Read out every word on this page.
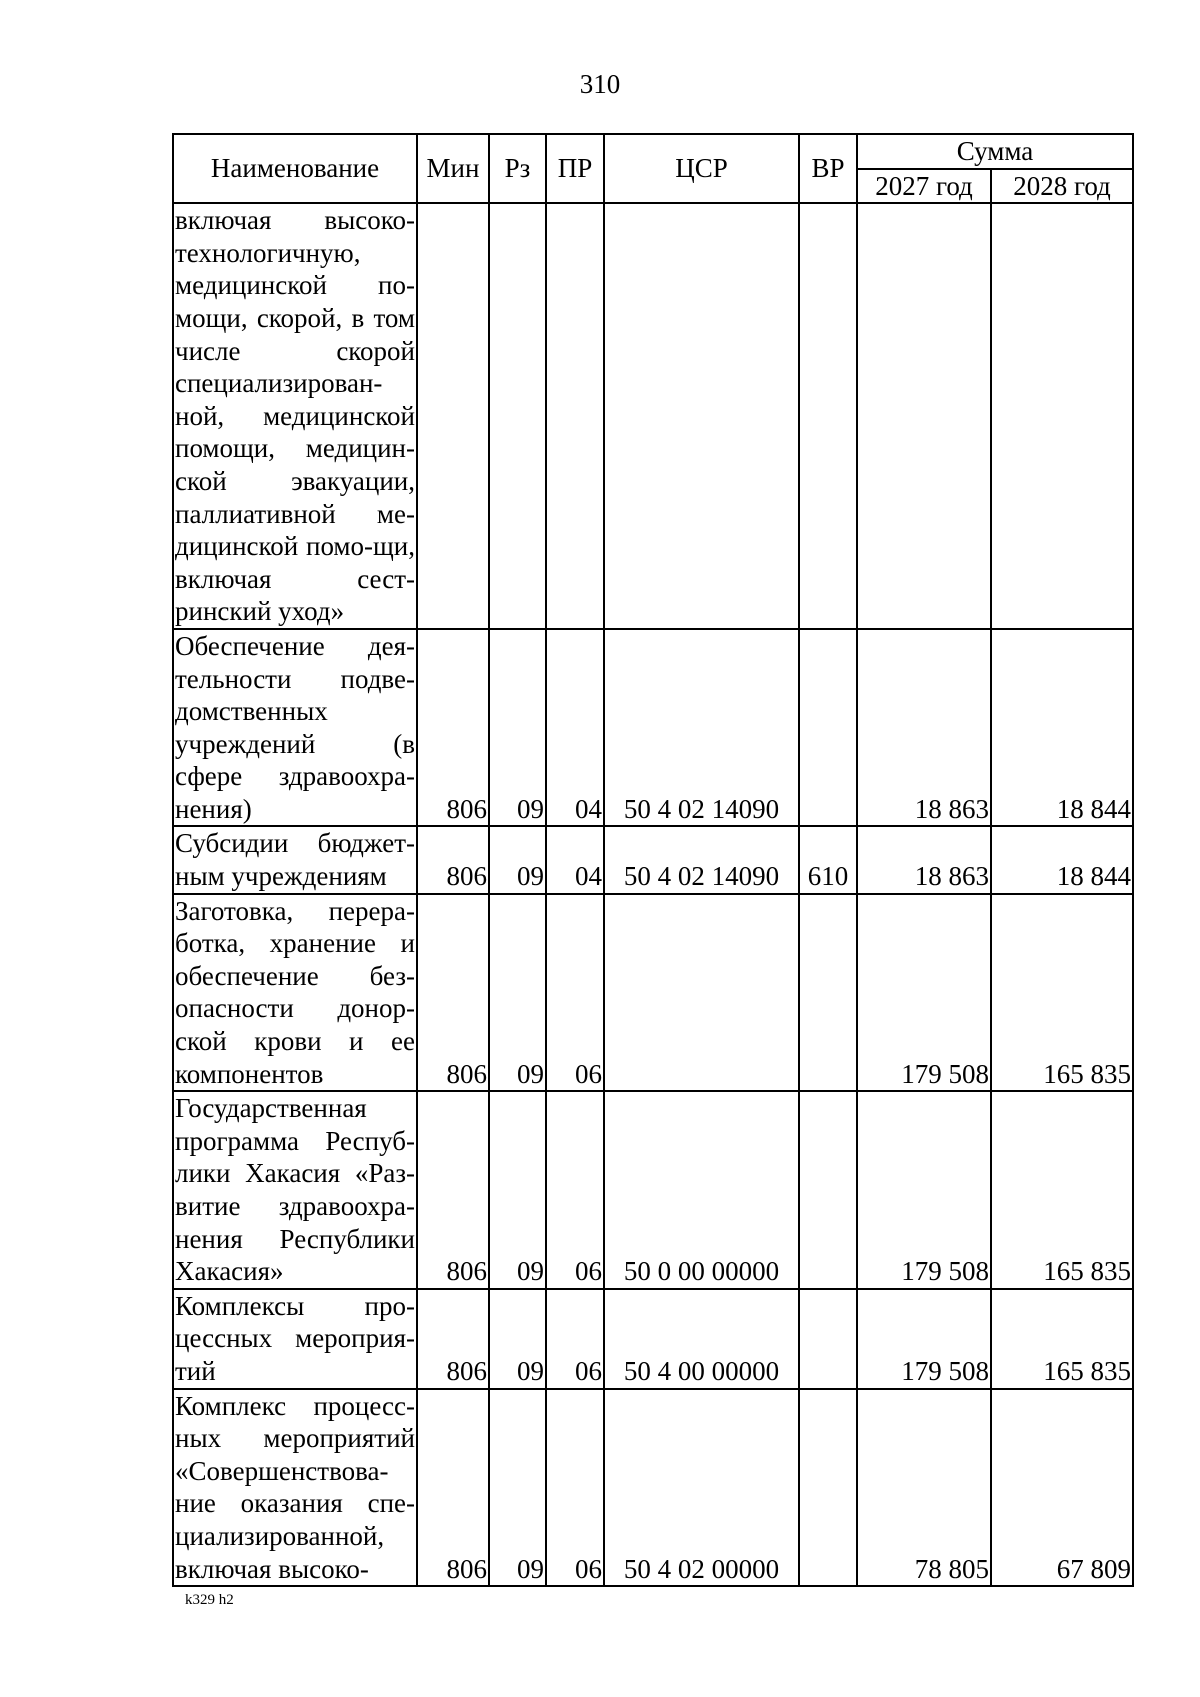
310
Наименование	Мин	Рз	ПР	ЦСР	ВР	Сумма	
						2027 год	2028 год
включая высоко-технологичную, медицинской по-мощи, скорой, в том числе скорой специализирован-ной, медицинской помощи, медицин-ской эвакуации, паллиативной ме-дицинской помо-щи, включая сест-ринский уход»							
Обеспечение дея-тельности подве-домственных учреждений (в сфере здравоохра-нения)	806	09	04	50 4 02 14090		18 863	18 844
Субсидии бюджет-ным учреждениям	806	09	04	50 4 02 14090	610	18 863	18 844
Заготовка, перера-ботка, хранение и обеспечение без-опасности донор-ской крови и ее компонентов	806	09	06			179 508	165 835
Государственная программа Респуб-лики Хакасия «Раз-витие здравоохра-нения Республики Хакасия»	806	09	06	50 0 00 00000		179 508	165 835
Комплексы про-цессных мероприя-тий	806	09	06	50 4 00 00000		179 508	165 835
Комплекс процесс-ных мероприятий «Совершенствова-ние оказания спе-циализированной, включая высоко-	806	09	06	50 4 02 00000		78 805	67 809
k329 h2
